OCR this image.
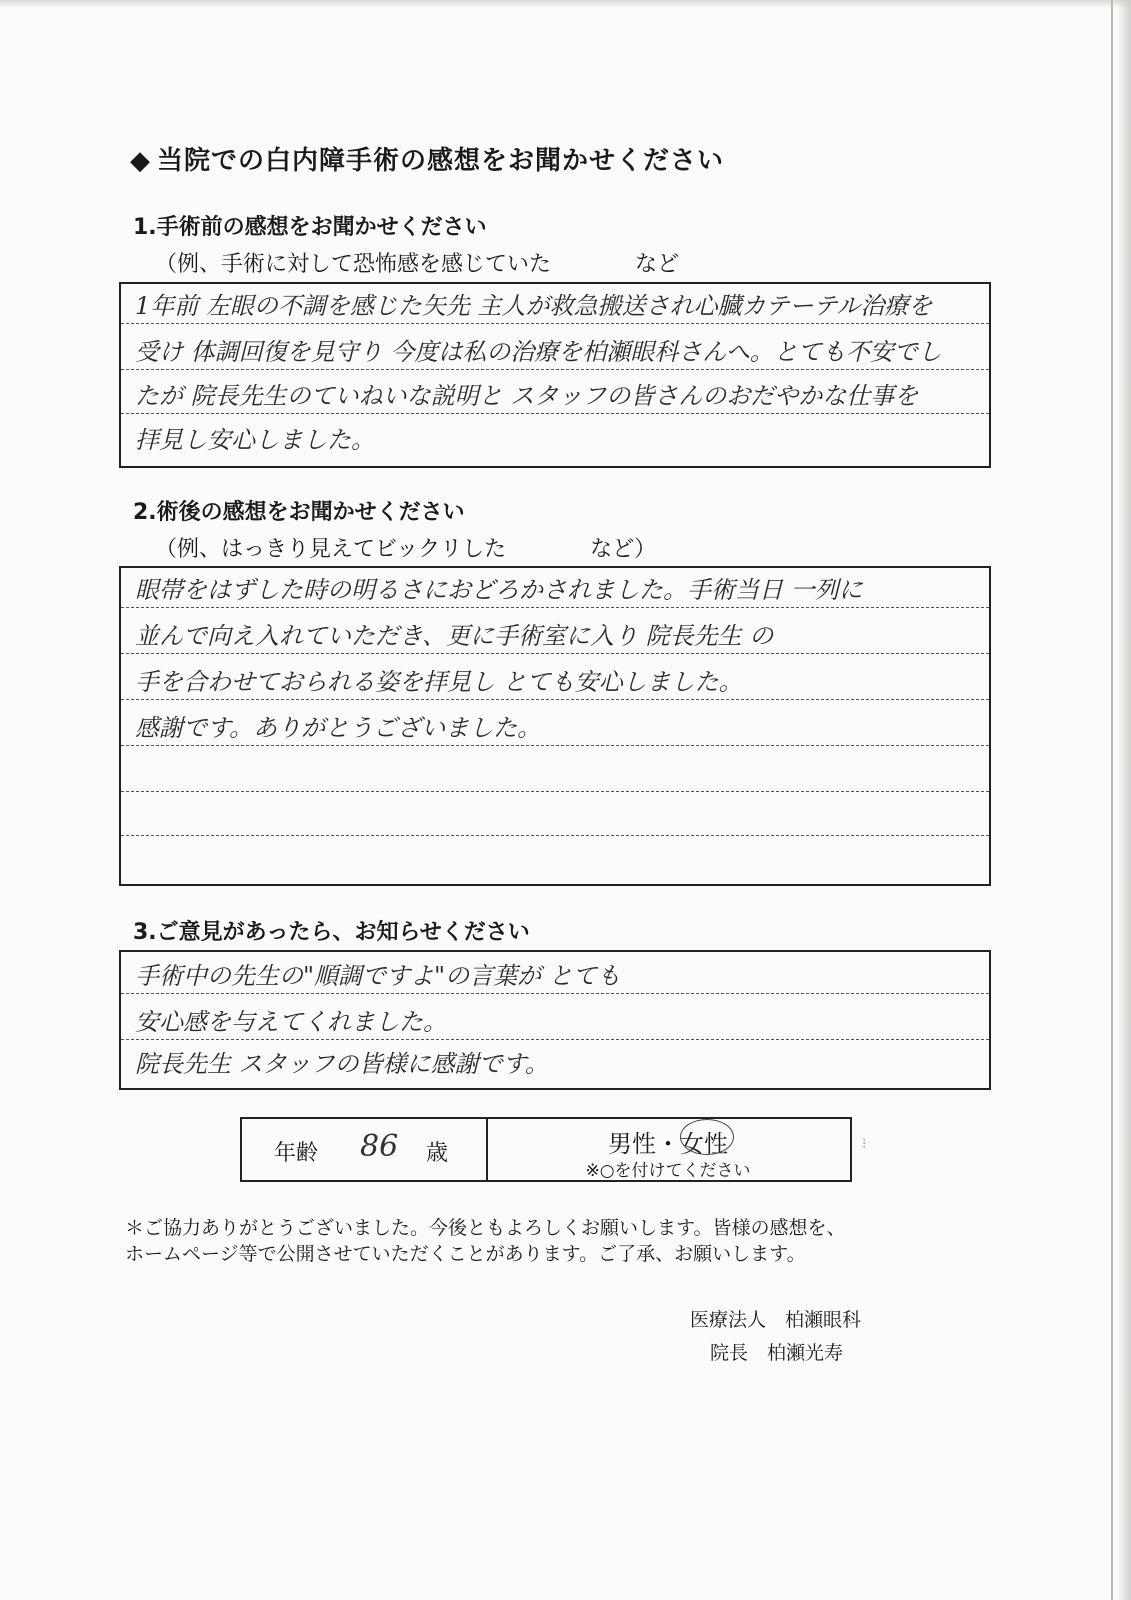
◆ 当院での白内障手術の感想をお聞かせください
1.手術前の感想をお聞かせください
（例、手術に対して恐怖感を感じていた	など
1年前 左眼の不調を感じた矢先 主人が救急搬送され心臓カテーテル治療を
受け 体調回復を見守り 今度は私の治療を柏瀬眼科さんへ。とても不安でし
たが 院長先生のていねいな説明と スタッフの皆さんのおだやかな仕事を
拝見し安心しました。
2.術後の感想をお聞かせください
（例、はっきり見えてビックリした	など）
眼帯をはずした時の明るさにおどろかされました。手術当日 一列に
並んで向え入れていただき、更に手術室に入り 院長先生 の
手を合わせておられる姿を拝見し とても安心しました。
感謝です。ありがとうございました。
3.ご意見があったら、お知らせください
手術中の先生の"順調ですよ"の言葉が とても
安心感を与えてくれました。
院長先生 スタッフの皆様に感謝です。
年齢 86 歳	男性・女性
※○を付けてください
⁝
＊ご協力ありがとうございました。今後ともよろしくお願いします。皆様の感想を、
ホームページ等で公開させていただくことがあります。ご了承、お願いします。
医療法人　柏瀬眼科
院長　柏瀬光寿
